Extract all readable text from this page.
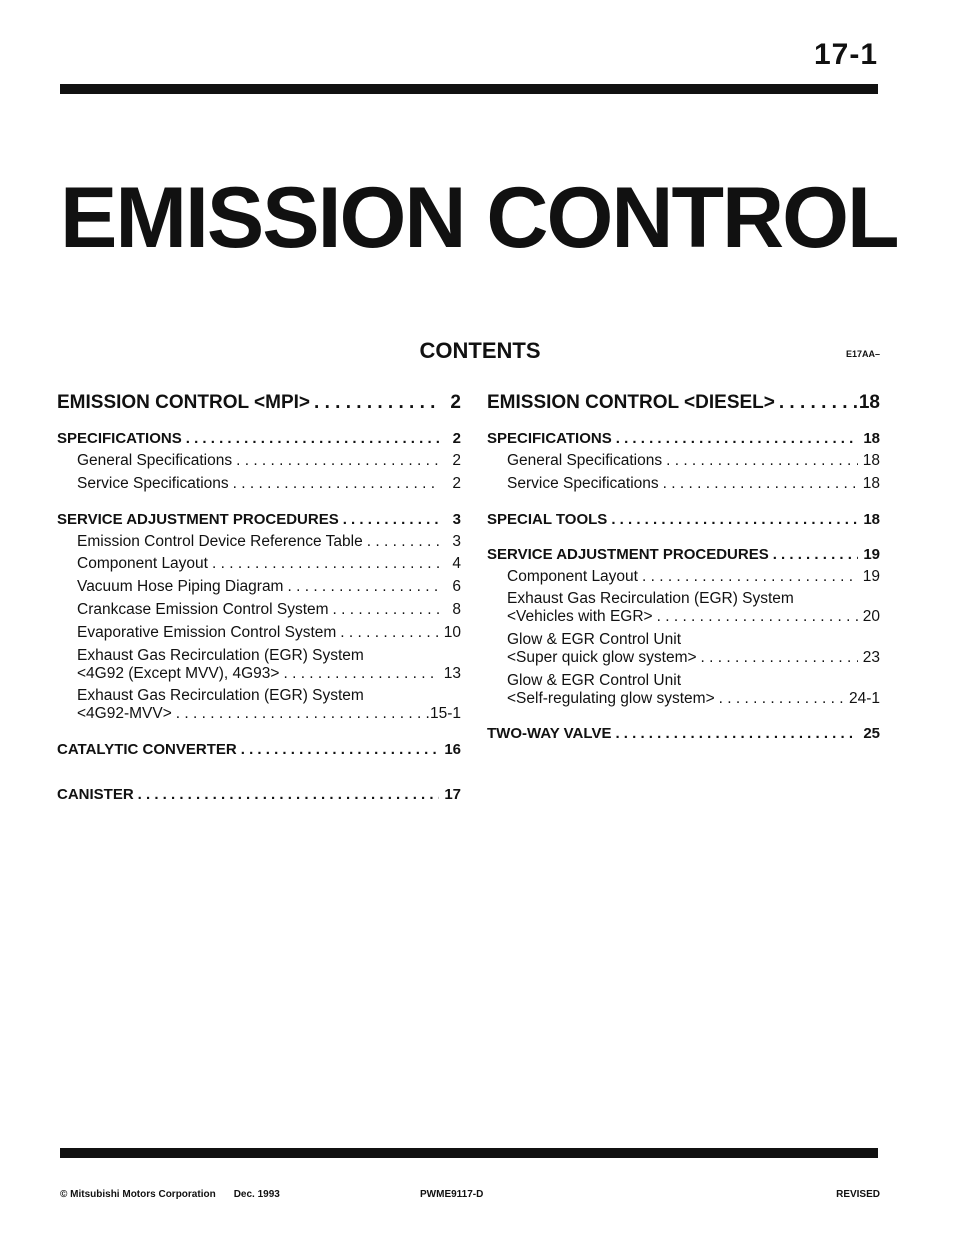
17-1
EMISSION CONTROL
CONTENTS	E17AA–
EMISSION CONTROL <MPI> . . .	2
SPECIFICATIONS . . .	2
General Specifications . . .	2
Service Specifications . . .	2
SERVICE ADJUSTMENT PROCEDURES . . .	3
Emission Control Device Reference Table . . .	3
Component Layout . . .	4
Vacuum Hose Piping Diagram . . .	6
Crankcase Emission Control System . . .	8
Evaporative Emission Control System . . .	10
Exhaust Gas Recirculation (EGR) System
<4G92 (Except MVV), 4G93> . . .	13
Exhaust Gas Recirculation (EGR) System
<4G92-MVV> . . .	15-1
CATALYTIC CONVERTER . . .	16
CANISTER . . .	17
EMISSION CONTROL <DIESEL> . . .	18
SPECIFICATIONS . . .	18
General Specifications . . .	18
Service Specifications . . .	18
SPECIAL TOOLS . . .	18
SERVICE ADJUSTMENT PROCEDURES . . .	19
Component Layout . . .	19
Exhaust Gas Recirculation (EGR) System
<Vehicles with EGR> . . .	20
Glow & EGR Control Unit
<Super quick glow system> . . .	23
Glow & EGR Control Unit
<Self-regulating glow system> . . .	24-1
TWO-WAY VALVE . . .	25
© Mitsubishi Motors Corporation Dec. 1993	PWME9117-D	REVISED
